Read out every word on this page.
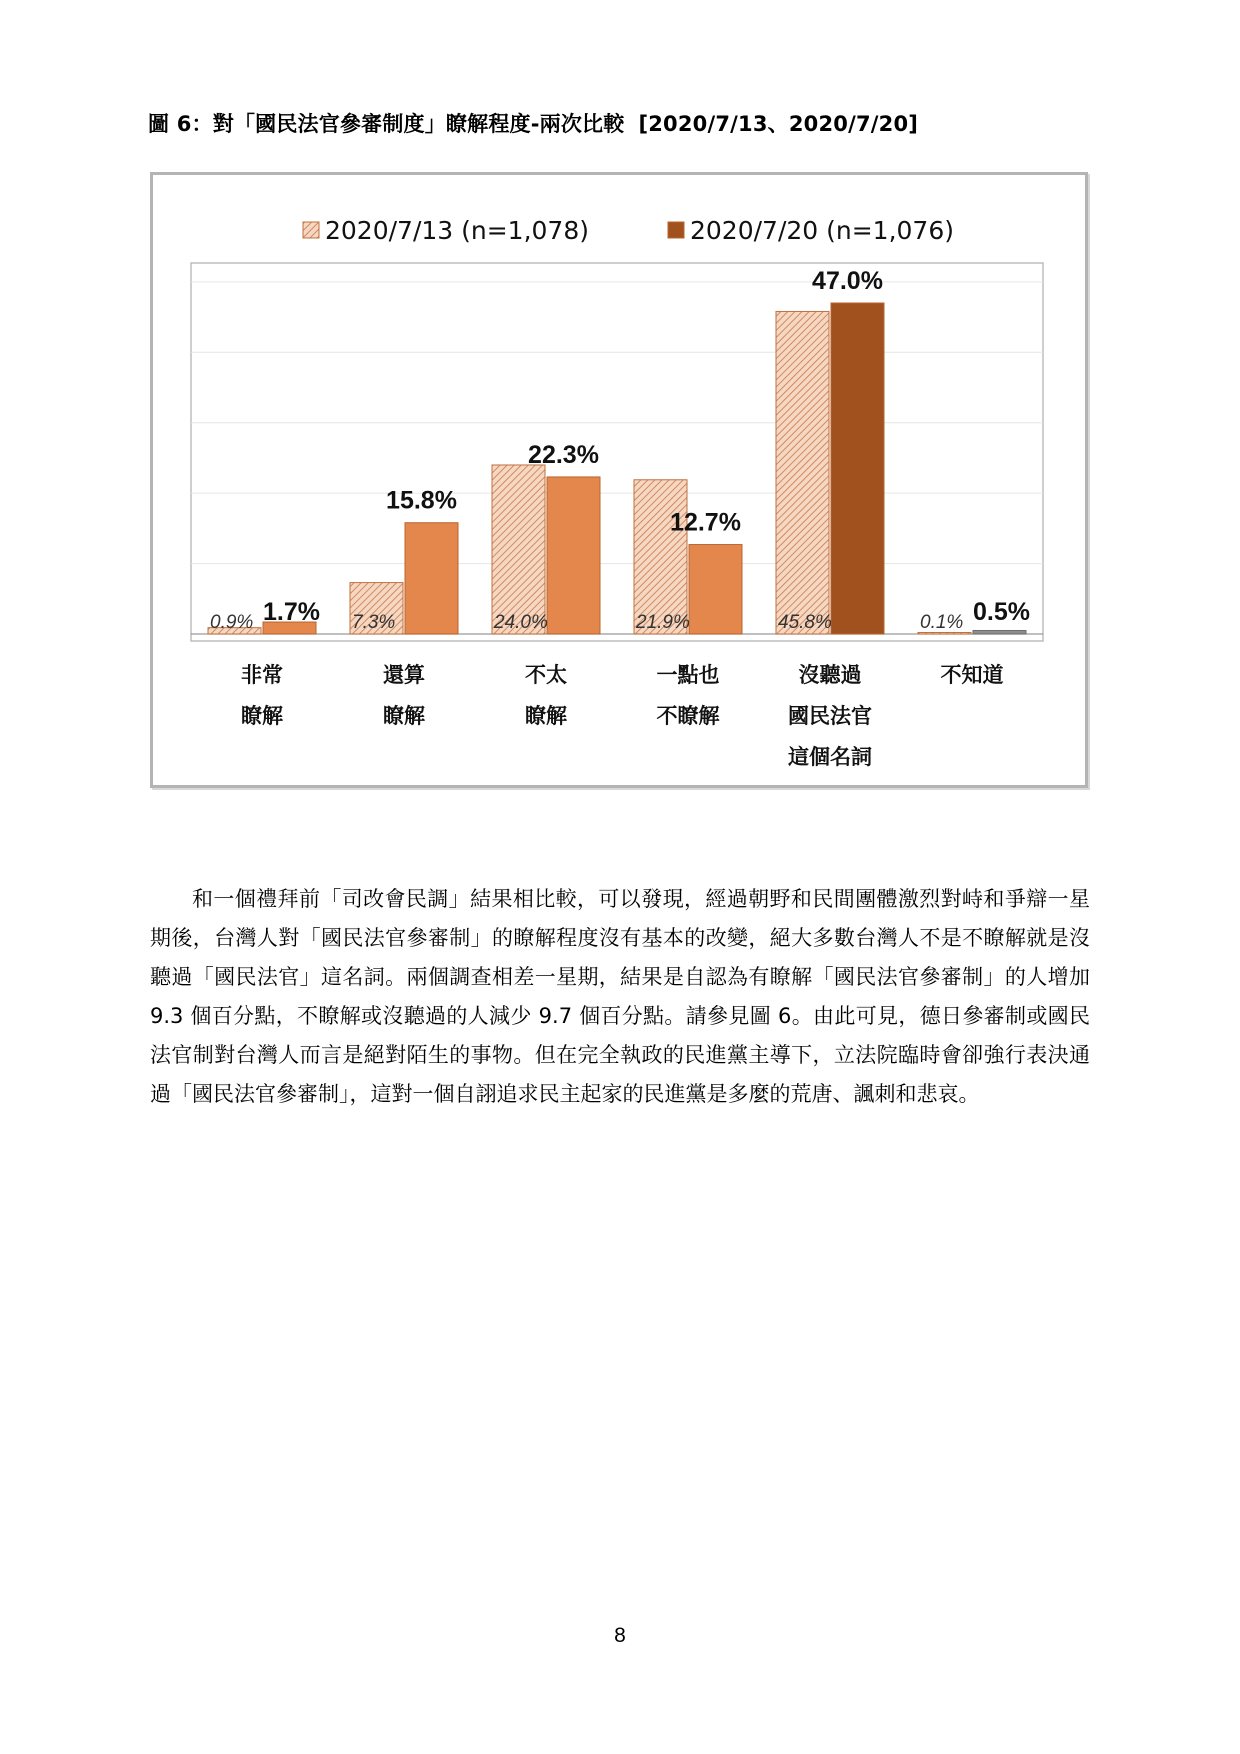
圖 6：對「國民法官參審制度」瞭解程度-兩次比較 [2020/7/13、2020/7/20]
2020/7/13 (n=1,078)	2020/7/20 (n=1,076)
0.9% 1.7% 7.3%
15.8%
24.0%
22.3%
21.9%
12.7%
45.8%
47.0%
0.1% 0.5%
非常
瞭解
還算
瞭解
不太
瞭解
一點也
不瞭解
沒聽過
國民法官
這個名詞
不知道
和一個禮拜前「司改會民調」結果相比較，可以發現，經過朝野和民間團體激烈對峙和爭辯一星期後，台灣人對「國民法官參審制」的瞭解程度沒有基本的改變，絕大多數台灣人不是不瞭解就是沒聽過「國民法官」這名詞。兩個調查相差一星期，結果是自認為有瞭解「國民法官參審制」的人增加 9.3 個百分點，不瞭解或沒聽過的人減少 9.7 個百分點。請參見圖 6。由此可見，德日參審制或國民法官制對台灣人而言是絕對陌生的事物。但在完全執政的民進黨主導下，立法院臨時會卻強行表決通過「國民法官參審制」，這對一個自詡追求民主起家的民進黨是多麼的荒唐、諷刺和悲哀。
8
